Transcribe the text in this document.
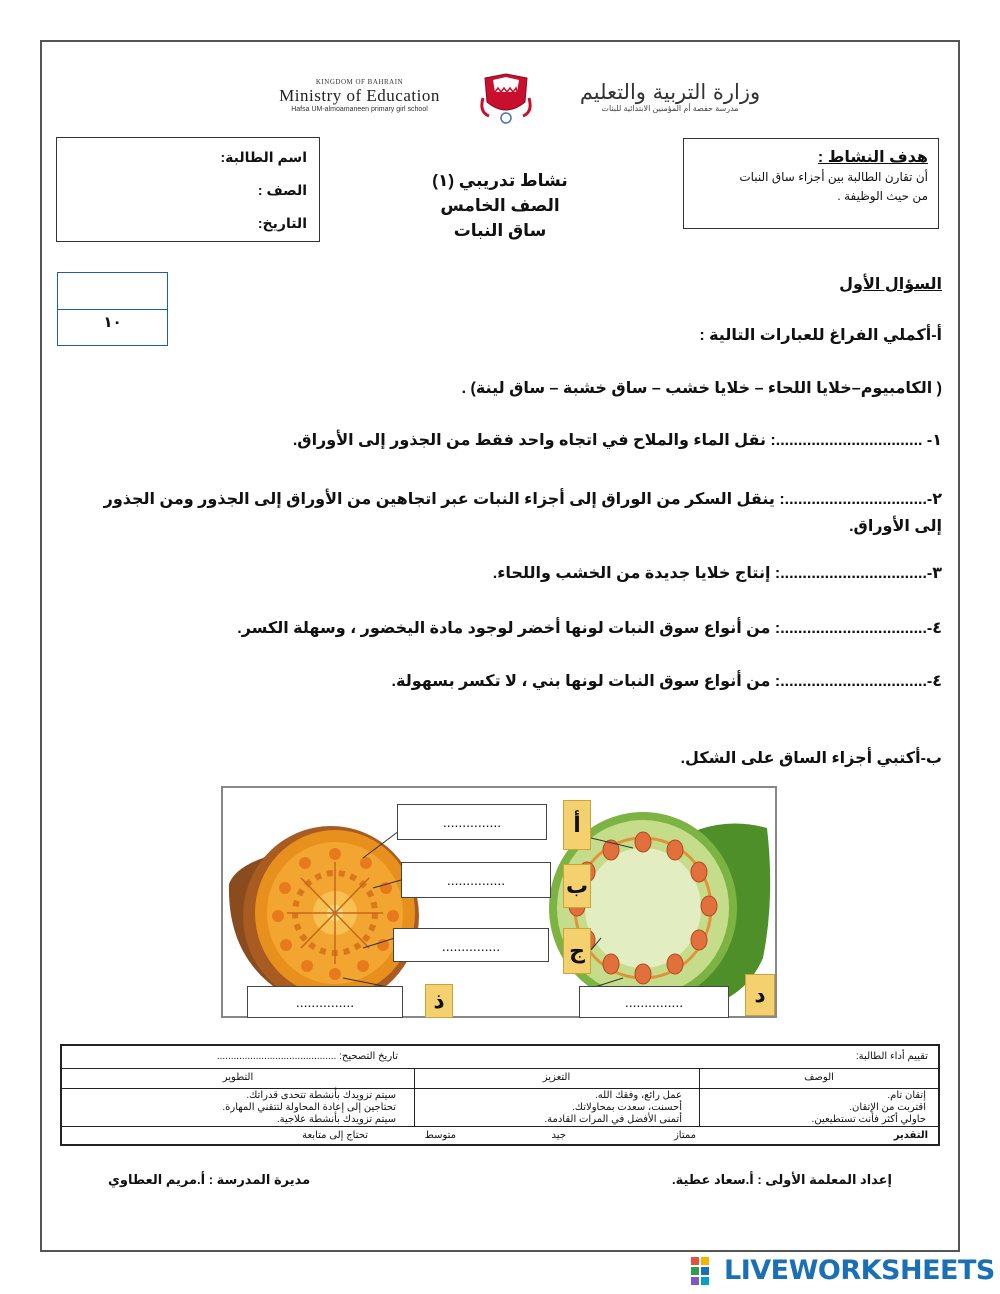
KINGDOM OF BAHRAIN
Ministry of Education
Hafsa UM-almoamaneen primary girl school
وزارة التربية والتعليم
مدرسة حفصة أم المؤمنين الابتدائية للبنات
هدف النشاط :
أن تقارن الطالبة بين أجزاء ساق النبات
من حيث الوظيفة .
نشاط تدريبي (١)
الصف الخامس
ساق النبات
اسم الطالبة:
الصف :
التاريخ:
١٠
السؤال الأول
أ-أكملي الفراغ للعبارات التالية :
( الكامبيوم–خلايا اللحاء – خلايا خشب – ساق خشبة – ساق لينة) .
١- .................................: نقل الماء والملاح في اتجاه واحد فقط من الجذور إلى الأوراق.
٢-................................: ينقل السكر من الوراق إلى أجزاء النبات عبر اتجاهين من الأوراق إلى الجذور ومن الجذور إلى الأوراق.
٣-.................................: إنتاج خلايا جديدة من الخشب واللحاء.
٤-.................................: من أنواع سوق النبات لونها أخضر لوجود مادة اليخضور ، وسهلة الكسر.
٤-.................................: من أنواع سوق النبات لونها بني ، لا تكسر بسهولة.
ب-أكتبي أجزاء الساق على الشكل.
أ
ب
ج
ذ	د
...............
...............
...............
...............	...............
تقييم أداء الطالبة:
تاريخ التصحيح: ...........................................
الوصف
التعزيز
التطوير
إتقان تام.
اقتربت من الإتقان.
حاولي أكثر فأنت تستطيعين.
عمل رائع، وفقك الله.
أحسنت، سعدت بمحاولاتك.
أتمنى الأفضل في المرات القادمة.
سيتم تزويدك بأنشطة تتحدى قدراتك.
تحتاجين إلى إعادة المحاولة لتتقني المهارة.
سيتم تزويدك بأنشطة علاجية.
التقدير
ممتاز
جيد
متوسط
تحتاج إلى متابعة
إعداد المعلمة الأولى : أ.سعاد عطية.
مديرة المدرسة : أ.مريم العطاوي
LIVEWORKSHEETS
